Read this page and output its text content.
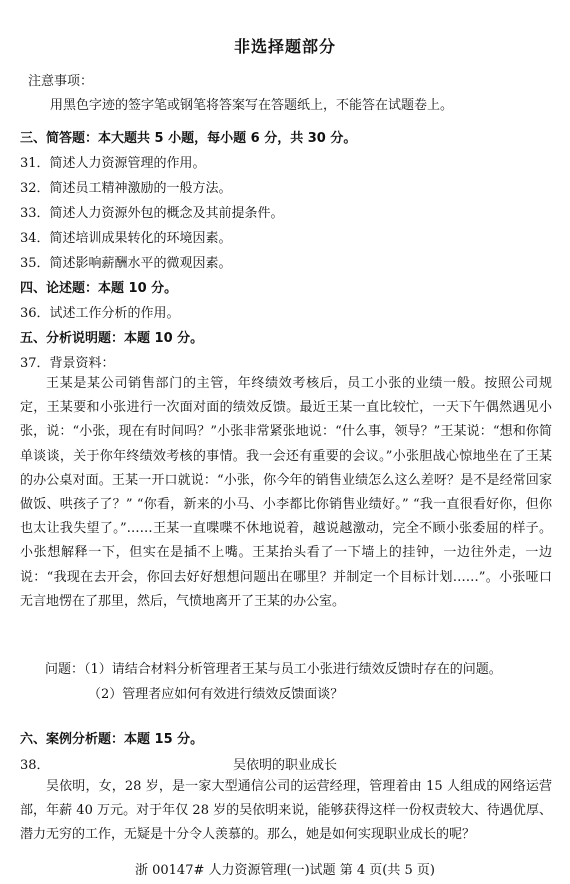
非选择题部分
注意事项：
用黑色字迹的签字笔或钢笔将答案写在答题纸上，不能答在试题卷上。
三、简答题：本大题共 5 小题，每小题 6 分，共 30 分。
31．简述人力资源管理的作用。
32．简述员工精神激励的一般方法。
33．简述人力资源外包的概念及其前提条件。
34．简述培训成果转化的环境因素。
35．简述影响薪酬水平的微观因素。
四、论述题：本题 10 分。
36．试述工作分析的作用。
五、分析说明题：本题 10 分。
37．背景资料：

王某是某公司销售部门的主管，年终绩效考核后，员工小张的业绩一般。按照公司规定，王某要和小张进行一次面对面的绩效反馈。最近王某一直比较忙，一天下午偶然遇见小张，说：“小张，现在有时间吗？”小张非常紧张地说：“什么事，领导？”王某说：“想和你简单谈谈，关于你年终绩效考核的事情。我一会还有重要的会议。”小张胆战心惊地坐在了王某的办公桌对面。王某一开口就说：“小张，你今年的销售业绩怎么这么差呀？是不是经常回家做饭、哄孩子了？” “你看，新来的小马、小李都比你销售业绩好。” “我一直很看好你，但你也太让我失望了。”……王某一直喋喋不休地说着，越说越激动，完全不顾小张委屈的样子。小张想解释一下，但实在是插不上嘴。王某抬头看了一下墙上的挂钟，一边往外走，一边说：“我现在去开会，你回去好好想想问题出在哪里？并制定一个目标计划……”。小张哑口无言地愣在了那里，然后，气愤地离开了王某的办公室。

问题：（1）请结合材料分析管理者王某与员工小张进行绩效反馈时存在的问题。
（2）管理者应如何有效进行绩效反馈面谈？
六、案例分析题：本题 15 分。
38．	吴依明的职业成长

吴依明，女，28 岁，是一家大型通信公司的运营经理，管理着由 15 人组成的网络运营部，年薪 40 万元。对于年仅 28 岁的吴依明来说，能够获得这样一份权责较大、待遇优厚、潜力无穷的工作，无疑是十分令人羡慕的。那么，她是如何实现职业成长的呢？

浙 00147# 人力资源管理(一)试题 第 4 页(共 5 页)
